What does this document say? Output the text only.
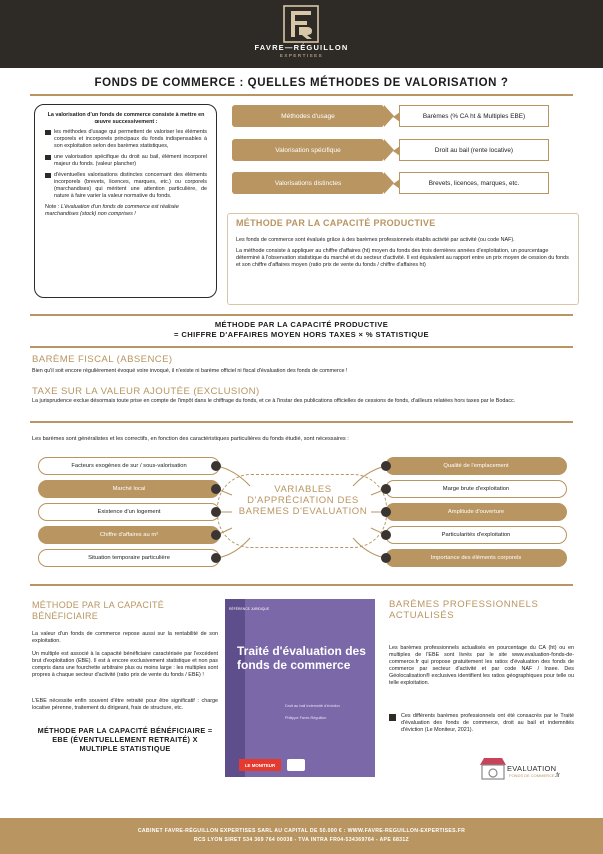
FAVRE—RÉGUILLON
EXPERTISES
FONDS DE COMMERCE : QUELLES MÉTHODES DE VALORISATION ?

La valorisation d'un fonds de commerce consiste à mettre en œuvre successivement :

les méthodes d'usage qui permettent de valoriser les éléments corporels et incorporels principaux du fonds indispensables à son exploitation selon des barèmes statistiques,
une valorisation spécifique du droit au bail, élément incorporel majeur du fonds. (valeur plancher)
d'éventuelles valorisations distinctes concernant des éléments incorporels (brevets, licences, marques, etc.) ou corporels (marchandises) qui méritent une attention particulière, de nature à faire varier la valeur normative du fonds.

Note : L'évaluation d'un fonds de commerce est réalisée marchandises (stock) non comprises !

Méthodes d'usage	Barèmes (% CA ht & Multiples EBE)
Valorisation spécifique	Droit au bail (rente locative)
Valorisations distinctes	Brevets, licences, marques, etc.
MÉTHODE PAR LA CAPACITÉ PRODUCTIVE

Les fonds de commerce sont évalués grâce à des barèmes professionnels établis activité par activité (ou code NAF).

La méthode consiste à appliquer au chiffre d'affaires (ht) moyen du fonds des trois dernières années d'exploitation, un pourcentage déterminé à l'observation statistique du marché et du secteur d'activité. Il est équivalent au rapport entre un prix moyen de cession du fonds et son chiffre d'affaires moyen (ratio prix de vente du fonds / chiffre d'affaires ht)

MÉTHODE PAR LA CAPACITÉ PRODUCTIVE
= CHIFFRE D'AFFAIRES MOYEN HORS TAXES × % STATISTIQUE
BARÈME FISCAL (ABSENCE)
Bien qu'il soit encore régulièrement évoqué voire invoqué, il n'existe ni barème officiel ni fiscal d'évaluation des fonds de commerce !
TAXE SUR LA VALEUR AJOUTÉE (EXCLUSION)
La jurisprudence exclue désormais toute prise en compte de l'impôt dans le chiffrage du fonds, et ce à l'instar des publications officielles de cessions de fonds, d'ailleurs relatées hors taxes par le Bodacc.
Les barèmes sont généralistes et les correctifs, en fonction des caractéristiques particulières du fonds étudié, sont nécessaires :
VARIABLES D'APPRÉCIATION DES BAREMES D'EVALUATION
Facteurs exogènes de sur / sous-valorisation
Marché local
Existence d'un logement
Chiffre d'affaires au m²
Situation temporaire particulière
Qualité de l'emplacement
Marge brute d'exploitation
Amplitude d'ouverture
Particularités d'exploitation
Importance des éléments corporels
MÉTHODE PAR LA CAPACITÉ BÉNÉFICIAIRE
La valeur d'un fonds de commerce repose aussi sur la rentabilité de son exploitation.
Un multiple est associé à la capacité bénéficiaire caractérisée par l'excédent brut d'exploitation (EBE). Il est à encore exclusivement statistique et non pas compris dans une fourchette arbitraire plus ou moins large : les multiples sont propres à chaque secteur d'activité (ratio prix de vente du fonds / EBE) !
L'EBE nécessite enfin souvent d'être retraité pour être significatif : charge locative pérenne, traitement du dirigeant, frais de structure, etc.
MÉTHODE PAR LA CAPACITÉ BÉNÉFICIAIRE = EBE (ÉVENTUELLEMENT RETRAITÉ) X MULTIPLE STATISTIQUE
RÉFÉRENCE JURIDIQUE
Traité d'évaluation des fonds de commerce
Droit au bail Indemnité d'éviction
Philippe Favre-Réguillon
LE MONITEUR
BARÈMES PROFESSIONNELS ACTUALISÉS
Les barèmes professionnels actualisés en pourcentage du CA (ht) ou en multiples de l'EBE sont livrés par le site www.evaluation-fonds-de-commerce.fr qui propose gratuitement les ratios d'évaluation des fonds de commerce par secteur d'activité et par code NAF / Insee. Des Géolocalisation® exclusives identifient les ratios géographiques pour telle ou telle exploitation.
Ces différents barèmes professionnels ont été consacrés par le Traité d'évaluation des fonds de commerce, droit au bail et indemnités d'éviction (Le Moniteur, 2021).
EVALUATION
FONDS DE COMMERCE.fr
CABINET FAVRE-RÉGUILLON EXPERTISES SARL AU CAPITAL DE 50.000 € : WWW.FAVRE-REGUILLON-EXPERTISES.FR
RCS LYON SIRET 534 369 764 00038 - TVA INTRA FR04-534369764 - APE 6831Z
